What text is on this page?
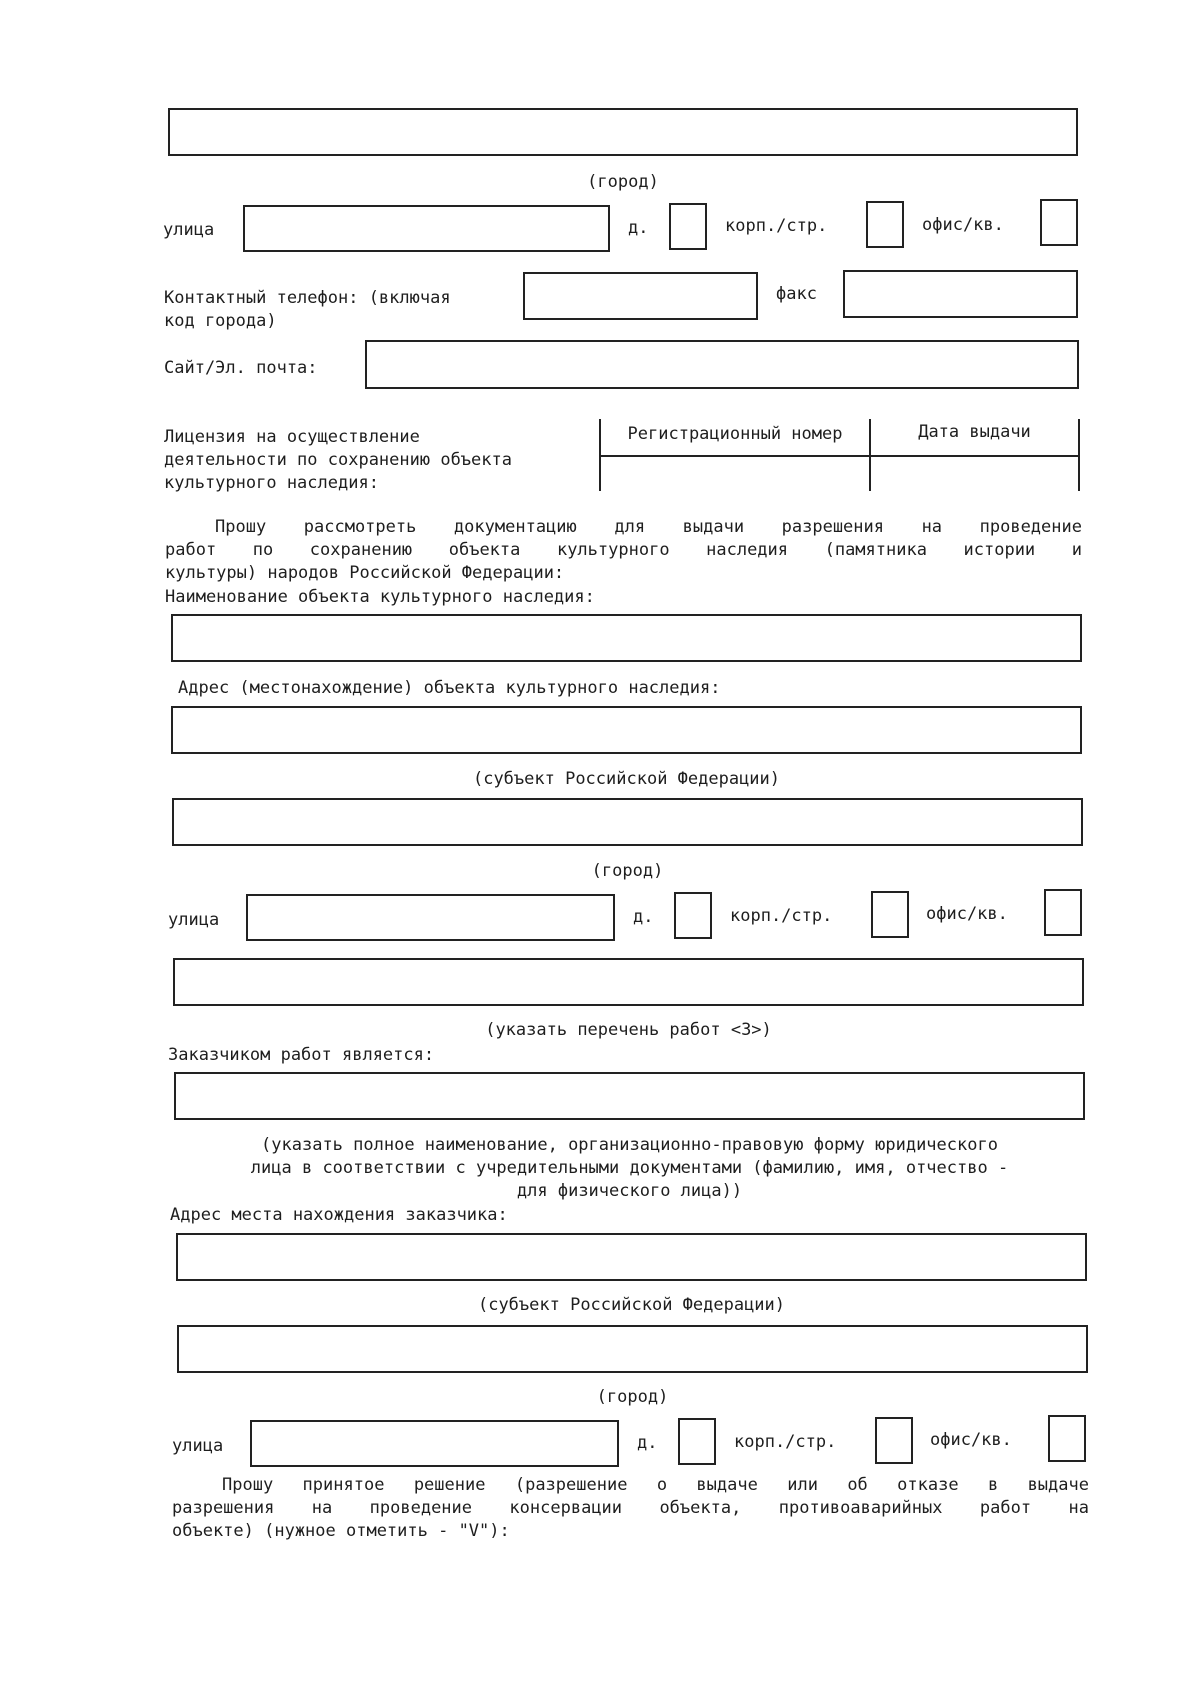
(город)
улица	д.	корп./стр.	офис/кв.
Контактный телефон: (включая
код города)
факс
Сайт/Эл. почта:
Лицензия на осуществление
деятельности по сохранению объекта
культурного наследия:
Регистрационный номер	Дата выдачи
Прошу рассмотреть документацию для выдачи разрешения на проведение
работ по сохранению объекта культурного наследия (памятника истории и
культуры) народов Российской Федерации:
Наименование объекта культурного наследия:
Адрес (местонахождение) объекта культурного наследия:
(субъект Российской Федерации)
(город)
улица	д.	корп./стр.	офис/кв.
(указать перечень работ <3>)
Заказчиком работ является:
(указать полное наименование, организационно-правовую форму юридического
лица в соответствии с учредительными документами (фамилию, имя, отчество -
для физического лица))
Адрес места нахождения заказчика:
(субъект Российской Федерации)
(город)
улица	д.	корп./стр.	офис/кв.
Прошу принятое решение (разрешение о выдаче или об отказе в выдаче
разрешения на проведение консервации объекта, противоаварийных работ на
объекте) (нужное отметить - "V"):
